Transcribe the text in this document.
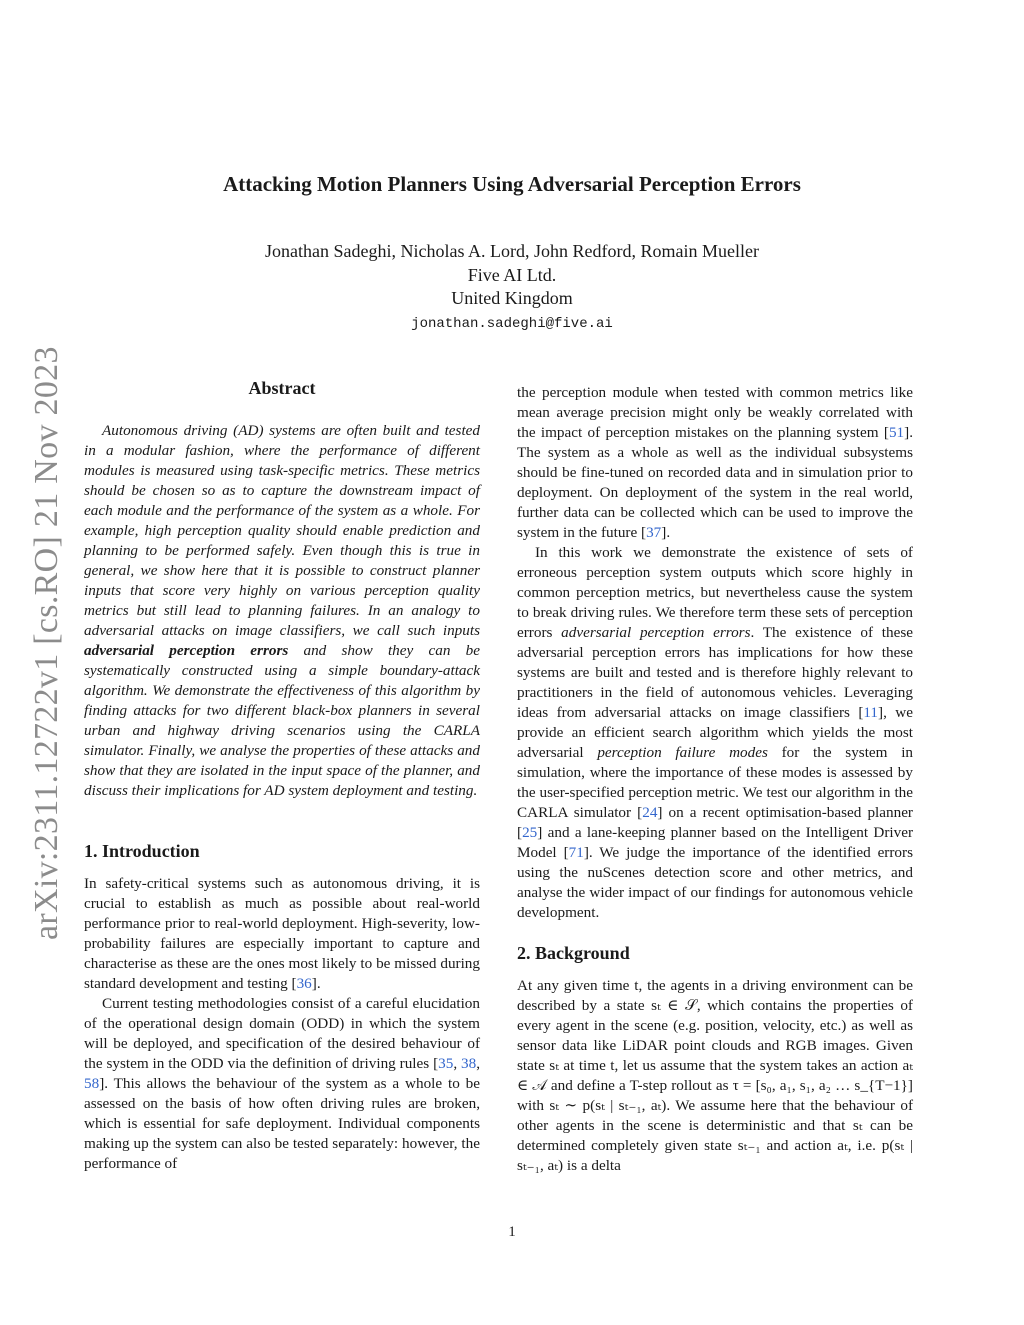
arXiv:2311.12722v1 [cs.RO] 21 Nov 2023
Attacking Motion Planners Using Adversarial Perception Errors
Jonathan Sadeghi, Nicholas A. Lord, John Redford, Romain Mueller
Five AI Ltd.
United Kingdom
jonathan.sadeghi@five.ai
Abstract

Autonomous driving (AD) systems are often built and tested in a modular fashion, where the performance of different modules is measured using task-specific metrics. These metrics should be chosen so as to capture the downstream impact of each module and the performance of the system as a whole. For example, high perception quality should enable prediction and planning to be performed safely. Even though this is true in general, we show here that it is possible to construct planner inputs that score very highly on various perception quality metrics but still lead to planning failures. In an analogy to adversarial attacks on image classifiers, we call such inputs adversarial perception errors and show they can be systematically constructed using a simple boundary-attack algorithm. We demonstrate the effectiveness of this algorithm by finding attacks for two different black-box planners in several urban and highway driving scenarios using the CARLA simulator. Finally, we analyse the properties of these attacks and show that they are isolated in the input space of the planner, and discuss their implications for AD system deployment and testing.

1. Introduction

In safety-critical systems such as autonomous driving, it is crucial to establish as much as possible about real-world performance prior to real-world deployment. High-severity, low-probability failures are especially important to capture and characterise as these are the ones most likely to be missed during standard development and testing [36].

Current testing methodologies consist of a careful elucidation of the operational design domain (ODD) in which the system will be deployed, and specification of the desired behaviour of the system in the ODD via the definition of driving rules [35, 38, 58]. This allows the behaviour of the system as a whole to be assessed on the basis of how often driving rules are broken, which is essential for safe deployment. Individual components making up the system can also be tested separately: however, the performance of

the perception module when tested with common metrics like mean average precision might only be weakly correlated with the impact of perception mistakes on the planning system [51]. The system as a whole as well as the individual subsystems should be fine-tuned on recorded data and in simulation prior to deployment. On deployment of the system in the real world, further data can be collected which can be used to improve the system in the future [37].

In this work we demonstrate the existence of sets of erroneous perception system outputs which score highly in common perception metrics, but nevertheless cause the system to break driving rules. We therefore term these sets of perception errors adversarial perception errors. The existence of these adversarial perception errors has implications for how these systems are built and tested and is therefore highly relevant to practitioners in the field of autonomous vehicles. Leveraging ideas from adversarial attacks on image classifiers [11], we provide an efficient search algorithm which yields the most adversarial perception failure modes for the system in simulation, where the importance of these modes is assessed by the user-specified perception metric. We test our algorithm in the CARLA simulator [24] on a recent optimisation-based planner [25] and a lane-keeping planner based on the Intelligent Driver Model [71]. We judge the importance of the identified errors using the nuScenes detection score and other metrics, and analyse the wider impact of our findings for autonomous vehicle development.

2. Background

At any given time t, the agents in a driving environment can be described by a state sₜ ∈ 𝒮, which contains the properties of every agent in the scene (e.g. position, velocity, etc.) as well as sensor data like LiDAR point clouds and RGB images. Given state sₜ at time t, let us assume that the system takes an action aₜ ∈ 𝒜 and define a T-step rollout as τ = [s₀, a₁, s₁, a₂ … s_{T−1}] with sₜ ∼ p(sₜ | sₜ₋₁, aₜ). We assume here that the behaviour of other agents in the scene is deterministic and that sₜ can be determined completely given state sₜ₋₁ and action aₜ, i.e. p(sₜ | sₜ₋₁, aₜ) is a delta

1
